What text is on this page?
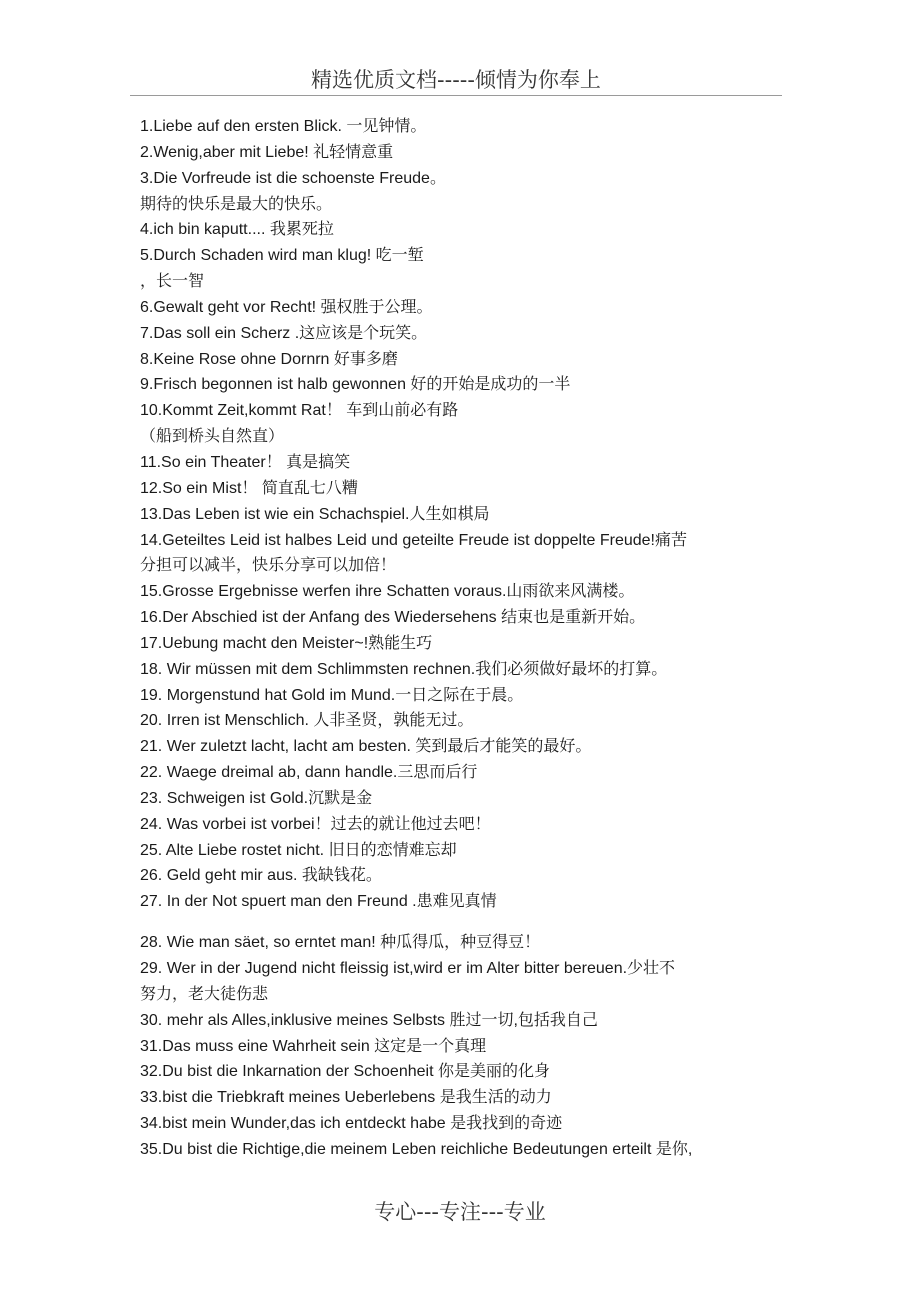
精选优质文档-----倾情为你奉上
1.Liebe auf den ersten Blick. 一见钟情。
2.Wenig,aber mit Liebe! 礼轻情意重
3.Die Vorfreude ist die schoenste Freude。
期待的快乐是最大的快乐。
4.ich bin kaputt.... 我累死拉
5.Durch Schaden wird man klug! 吃一堑
，长一智
6.Gewalt geht vor Recht! 强权胜于公理。
7.Das soll ein Scherz .这应该是个玩笑。
8.Keine Rose ohne Dornrn 好事多磨
9.Frisch begonnen ist halb gewonnen 好的开始是成功的一半
10.Kommt Zeit,kommt Rat！ 车到山前必有路
（船到桥头自然直）
11.So ein Theater！ 真是搞笑
12.So ein Mist！ 简直乱七八糟
13.Das Leben ist wie ein Schachspiel.人生如棋局
14.Geteiltes Leid ist halbes Leid und geteilte Freude ist doppelte Freude!痛苦
分担可以减半，快乐分享可以加倍！
15.Grosse Ergebnisse werfen ihre Schatten voraus.山雨欲来风满楼。
16.Der Abschied ist der Anfang des Wiedersehens 结束也是重新开始。
17.Uebung macht den Meister~!熟能生巧
18. Wir müssen mit dem Schlimmsten rechnen.我们必须做好最坏的打算。
19. Morgenstund hat Gold im Mund.一日之际在于晨。
20. Irren ist Menschlich. 人非圣贤，孰能无过。
21. Wer zuletzt lacht, lacht am besten. 笑到最后才能笑的最好。
22. Waege dreimal ab, dann handle.三思而后行
23. Schweigen ist Gold.沉默是金
24. Was vorbei ist vorbei！过去的就让他过去吧！
25. Alte Liebe rostet nicht. 旧日的恋情难忘却
26. Geld geht mir aus. 我缺钱花。
27. In der Not spuert man den Freund .患难见真情
28. Wie man säet, so erntet man! 种瓜得瓜，种豆得豆！
29. Wer in der Jugend nicht fleissig ist,wird er im Alter bitter bereuen.少壮不
努力，老大徒伤悲
30. mehr als Alles,inklusive meines Selbsts 胜过一切,包括我自己
31.Das muss eine Wahrheit sein 这定是一个真理
32.Du bist die Inkarnation der Schoenheit 你是美丽的化身
33.bist die Triebkraft meines Ueberlebens 是我生活的动力
34.bist mein Wunder,das ich entdeckt habe 是我找到的奇迹
35.Du bist die Richtige,die meinem Leben reichliche Bedeutungen erteilt 是你,
专心---专注---专业
